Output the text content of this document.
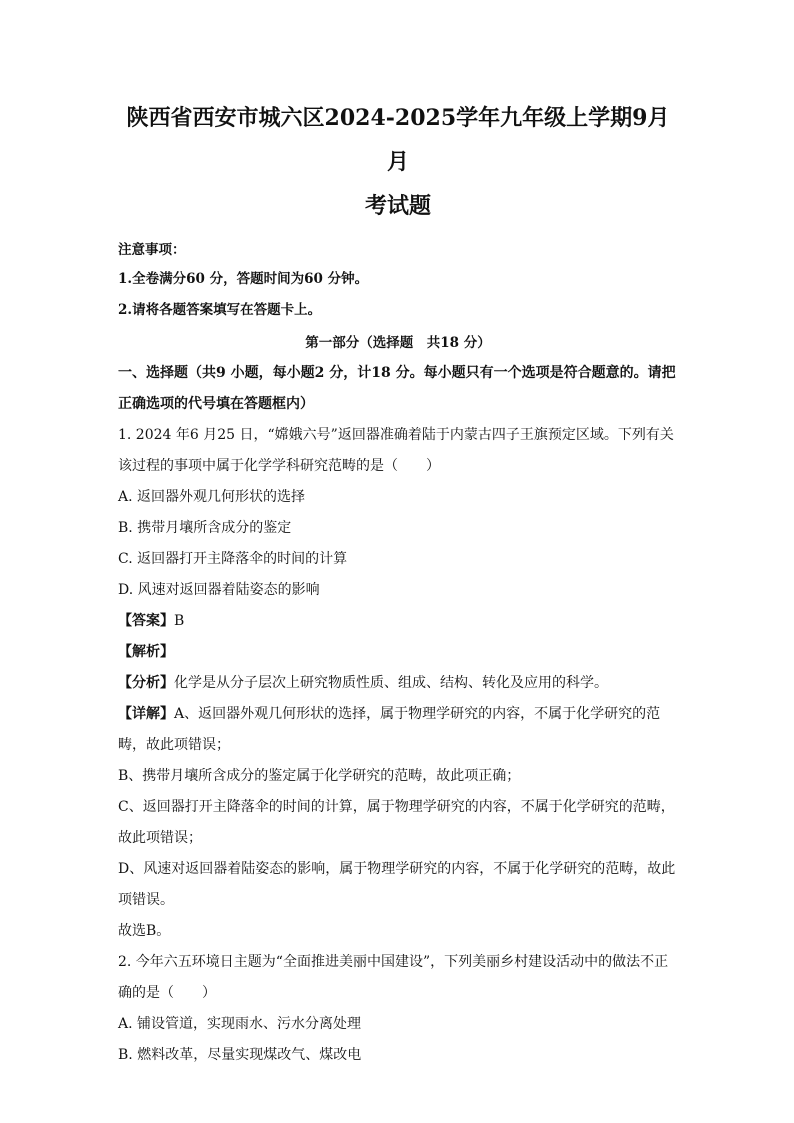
陕西省西安市城六区2024-2025学年九年级上学期9月月
考试题
注意事项：
1.全卷满分60 分，答题时间为60 分钟。
2.请将各题答案填写在答题卡上。
第一部分（选择题　共18 分）
一、选择题（共9 小题，每小题2 分，计18 分。每小题只有一个选项是符合题意的。请把正确选项的代号填在答题框内）
1. 2024 年6 月25 日，“嫦娥六号”返回器准确着陆于内蒙古四子王旗预定区域。下列有关该过程的事项中属于化学学科研究范畴的是（　　）
A. 返回器外观几何形状的选择
B. 携带月壤所含成分的鉴定
C. 返回器打开主降落伞的时间的计算
D. 风速对返回器着陆姿态的影响
【答案】B
【解析】
【分析】化学是从分子层次上研究物质性质、组成、结构、转化及应用的科学。
【详解】A、返回器外观几何形状的选择，属于物理学研究的内容，不属于化学研究的范畴，故此项错误；
B、携带月壤所含成分的鉴定属于化学研究的范畴，故此项正确；
C、返回器打开主降落伞的时间的计算，属于物理学研究的内容，不属于化学研究的范畴，故此项错误；
D、风速对返回器着陆姿态的影响，属于物理学研究的内容，不属于化学研究的范畴，故此项错误。
故选B。
2. 今年六五环境日主题为“全面推进美丽中国建设”，下列美丽乡村建设活动中的做法不正确的是（　　）
A. 铺设管道，实现雨水、污水分离处理
B. 燃料改革，尽量实现煤改气、煤改电
